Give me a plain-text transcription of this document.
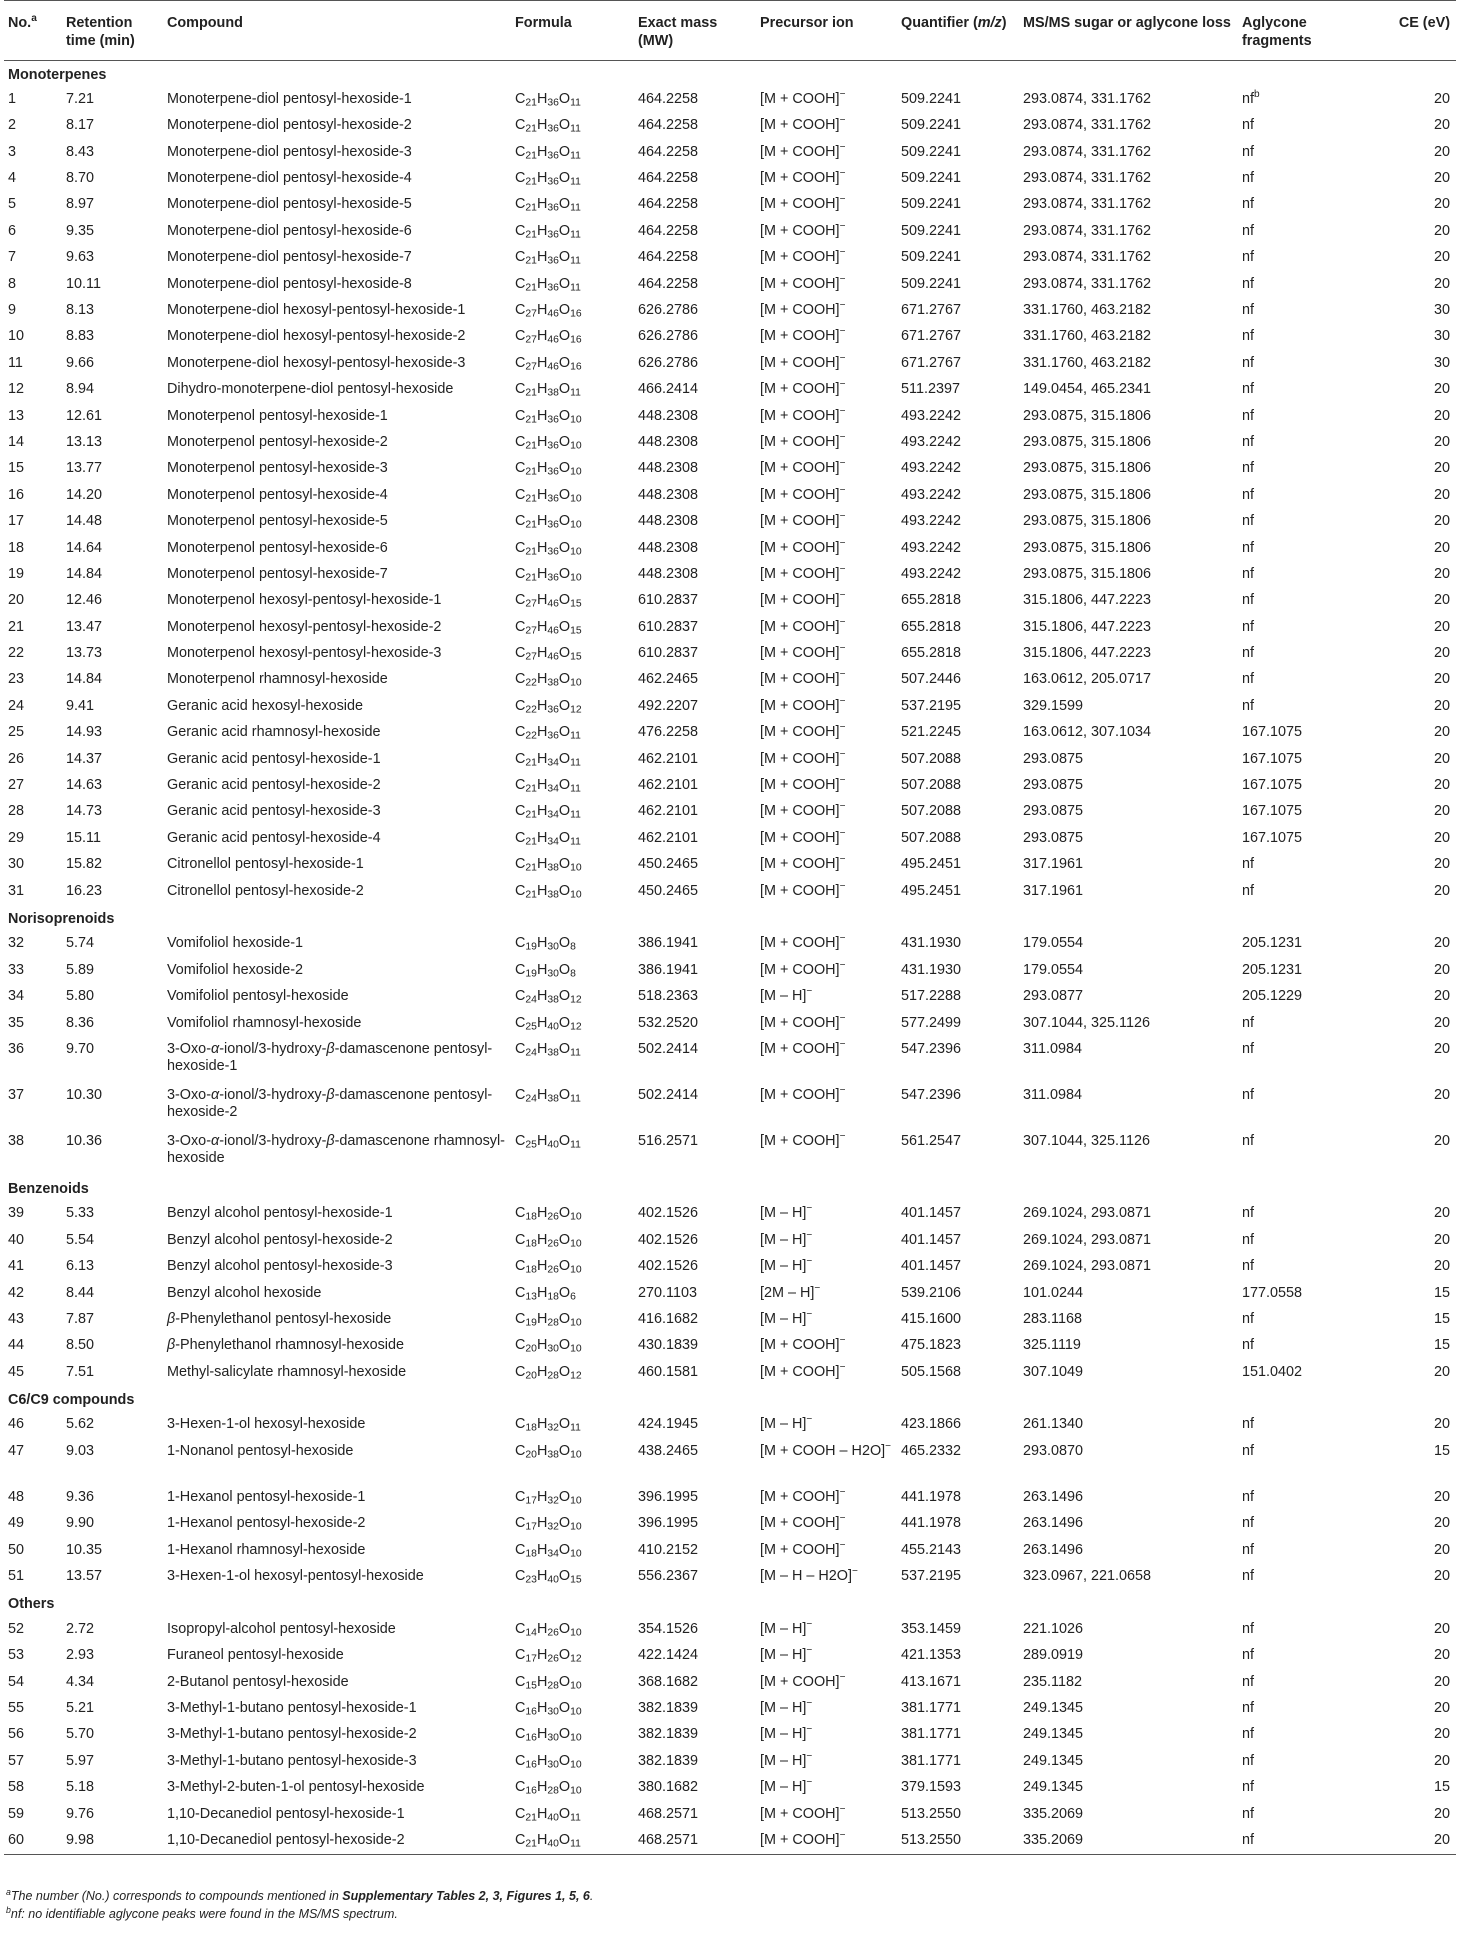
No.$^a$	Retention time (min)	Compound	Formula	Exact mass (MW)	Precursor ion	Quantifier (m/z)	MS/MS sugar or aglycone loss	Aglycone fragments	CE (eV)
Monoterpenes									
1	7.21	Monoterpene-diol pentosyl-hexoside-1	$C_{21}H_{36}O_{11}$	464.2258	[M + COOH]−	509.2241	293.0874, 331.1762	$nf^b$	20
2	8.17	Monoterpene-diol pentosyl-hexoside-2	$C_{21}H_{36}O_{11}$	464.2258	[M + COOH]−	509.2241	293.0874, 331.1762	nf	20
3	8.43	Monoterpene-diol pentosyl-hexoside-3	$C_{21}H_{36}O_{11}$	464.2258	[M + COOH]−	509.2241	293.0874, 331.1762	nf	20
4	8.70	Monoterpene-diol pentosyl-hexoside-4	$C_{21}H_{36}O_{11}$	464.2258	[M + COOH]−	509.2241	293.0874, 331.1762	nf	20
5	8.97	Monoterpene-diol pentosyl-hexoside-5	$C_{21}H_{36}O_{11}$	464.2258	[M + COOH]−	509.2241	293.0874, 331.1762	nf	20
6	9.35	Monoterpene-diol pentosyl-hexoside-6	$C_{21}H_{36}O_{11}$	464.2258	[M + COOH]−	509.2241	293.0874, 331.1762	nf	20
7	9.63	Monoterpene-diol pentosyl-hexoside-7	$C_{21}H_{36}O_{11}$	464.2258	[M + COOH]−	509.2241	293.0874, 331.1762	nf	20
8	10.11	Monoterpene-diol pentosyl-hexoside-8	$C_{21}H_{36}O_{11}$	464.2258	[M + COOH]−	509.2241	293.0874, 331.1762	nf	20
9	8.13	Monoterpene-diol hexosyl-pentosyl-hexoside-1	$C_{27}H_{46}O_{16}$	626.2786	[M + COOH]−	671.2767	331.1760, 463.2182	nf	30
10	8.83	Monoterpene-diol hexosyl-pentosyl-hexoside-2	$C_{27}H_{46}O_{16}$	626.2786	[M + COOH]−	671.2767	331.1760, 463.2182	nf	30
11	9.66	Monoterpene-diol hexosyl-pentosyl-hexoside-3	$C_{27}H_{46}O_{16}$	626.2786	[M + COOH]−	671.2767	331.1760, 463.2182	nf	30
12	8.94	Dihydro-monoterpene-diol pentosyl-hexoside	$C_{21}H_{38}O_{11}$	466.2414	[M + COOH]−	511.2397	149.0454, 465.2341	nf	20
13	12.61	Monoterpenol pentosyl-hexoside-1	$C_{21}H_{36}O_{10}$	448.2308	[M + COOH]−	493.2242	293.0875, 315.1806	nf	20
14	13.13	Monoterpenol pentosyl-hexoside-2	$C_{21}H_{36}O_{10}$	448.2308	[M + COOH]−	493.2242	293.0875, 315.1806	nf	20
15	13.77	Monoterpenol pentosyl-hexoside-3	$C_{21}H_{36}O_{10}$	448.2308	[M + COOH]−	493.2242	293.0875, 315.1806	nf	20
16	14.20	Monoterpenol pentosyl-hexoside-4	$C_{21}H_{36}O_{10}$	448.2308	[M + COOH]−	493.2242	293.0875, 315.1806	nf	20
17	14.48	Monoterpenol pentosyl-hexoside-5	$C_{21}H_{36}O_{10}$	448.2308	[M + COOH]−	493.2242	293.0875, 315.1806	nf	20
18	14.64	Monoterpenol pentosyl-hexoside-6	$C_{21}H_{36}O_{10}$	448.2308	[M + COOH]−	493.2242	293.0875, 315.1806	nf	20
19	14.84	Monoterpenol pentosyl-hexoside-7	$C_{21}H_{36}O_{10}$	448.2308	[M + COOH]−	493.2242	293.0875, 315.1806	nf	20
20	12.46	Monoterpenol hexosyl-pentosyl-hexoside-1	$C_{27}H_{46}O_{15}$	610.2837	[M + COOH]−	655.2818	315.1806, 447.2223	nf	20
21	13.47	Monoterpenol hexosyl-pentosyl-hexoside-2	$C_{27}H_{46}O_{15}$	610.2837	[M + COOH]−	655.2818	315.1806, 447.2223	nf	20
22	13.73	Monoterpenol hexosyl-pentosyl-hexoside-3	$C_{27}H_{46}O_{15}$	610.2837	[M + COOH]−	655.2818	315.1806, 447.2223	nf	20
23	14.84	Monoterpenol rhamnosyl-hexoside	$C_{22}H_{38}O_{10}$	462.2465	[M + COOH]−	507.2446	163.0612, 205.0717	nf	20
24	9.41	Geranic acid hexosyl-hexoside	$C_{22}H_{36}O_{12}$	492.2207	[M + COOH]−	537.2195	329.1599	nf	20
25	14.93	Geranic acid rhamnosyl-hexoside	$C_{22}H_{36}O_{11}$	476.2258	[M + COOH]−	521.2245	163.0612, 307.1034	167.1075	20
26	14.37	Geranic acid pentosyl-hexoside-1	$C_{21}H_{34}O_{11}$	462.2101	[M + COOH]−	507.2088	293.0875	167.1075	20
27	14.63	Geranic acid pentosyl-hexoside-2	$C_{21}H_{34}O_{11}$	462.2101	[M + COOH]−	507.2088	293.0875	167.1075	20
28	14.73	Geranic acid pentosyl-hexoside-3	$C_{21}H_{34}O_{11}$	462.2101	[M + COOH]−	507.2088	293.0875	167.1075	20
29	15.11	Geranic acid pentosyl-hexoside-4	$C_{21}H_{34}O_{11}$	462.2101	[M + COOH]−	507.2088	293.0875	167.1075	20
30	15.82	Citronellol pentosyl-hexoside-1	$C_{21}H_{38}O_{10}$	450.2465	[M + COOH]−	495.2451	317.1961	nf	20
31	16.23	Citronellol pentosyl-hexoside-2	$C_{21}H_{38}O_{10}$	450.2465	[M + COOH]−	495.2451	317.1961	nf	20
Norisoprenoids									
32	5.74	Vomifoliol hexoside-1	$C_{19}H_{30}O_8$	386.1941	[M + COOH]−	431.1930	179.0554	205.1231	20
33	5.89	Vomifoliol hexoside-2	$C_{19}H_{30}O_8$	386.1941	[M + COOH]−	431.1930	179.0554	205.1231	20
34	5.80	Vomifoliol pentosyl-hexoside	$C_{24}H_{38}O_{12}$	518.2363	[M – H]−	517.2288	293.0877	205.1229	20
35	8.36	Vomifoliol rhamnosyl-hexoside	$C_{25}H_{40}O_{12}$	532.2520	[M + COOH]−	577.2499	307.1044, 325.1126	nf	20
36	9.70	3-Oxo-α-ionol/3-hydroxy-β-damascenone pentosyl-hexoside-1	$C_{24}H_{38}O_{11}$	502.2414	[M + COOH]−	547.2396	311.0984	nf	20
37	10.30	3-Oxo-α-ionol/3-hydroxy-β-damascenone pentosyl-hexoside-2	$C_{24}H_{38}O_{11}$	502.2414	[M + COOH]−	547.2396	311.0984	nf	20
38	10.36	3-Oxo-α-ionol/3-hydroxy-β-damascenone rhamnosyl-hexoside	$C_{25}H_{40}O_{11}$	516.2571	[M + COOH]−	561.2547	307.1044, 325.1126	nf	20
Benzenoids									
39	5.33	Benzyl alcohol pentosyl-hexoside-1	$C_{18}H_{26}O_{10}$	402.1526	[M – H]−	401.1457	269.1024, 293.0871	nf	20
40	5.54	Benzyl alcohol pentosyl-hexoside-2	$C_{18}H_{26}O_{10}$	402.1526	[M – H]−	401.1457	269.1024, 293.0871	nf	20
41	6.13	Benzyl alcohol pentosyl-hexoside-3	$C_{18}H_{26}O_{10}$	402.1526	[M – H]−	401.1457	269.1024, 293.0871	nf	20
42	8.44	Benzyl alcohol hexoside	$C_{13}H_{18}O_6$	270.1103	[2M – H]−	539.2106	101.0244	177.0558	15
43	7.87	β-Phenylethanol pentosyl-hexoside	$C_{19}H_{28}O_{10}$	416.1682	[M – H]−	415.1600	283.1168	nf	15
44	8.50	β-Phenylethanol rhamnosyl-hexoside	$C_{20}H_{30}O_{10}$	430.1839	[M + COOH]−	475.1823	325.1119	nf	15
45	7.51	Methyl-salicylate rhamnosyl-hexoside	$C_{20}H_{28}O_{12}$	460.1581	[M + COOH]−	505.1568	307.1049	151.0402	20
C6/C9 compounds									
46	5.62	3-Hexen-1-ol hexosyl-hexoside	$C_{18}H_{32}O_{11}$	424.1945	[M – H]−	423.1866	261.1340	nf	20
47	9.03	1-Nonanol pentosyl-hexoside	$C_{20}H_{38}O_{10}$	438.2465	[M + COOH – H2O]−	465.2332	293.0870	nf	15
48	9.36	1-Hexanol pentosyl-hexoside-1	$C_{17}H_{32}O_{10}$	396.1995	[M + COOH]−	441.1978	263.1496	nf	20
49	9.90	1-Hexanol pentosyl-hexoside-2	$C_{17}H_{32}O_{10}$	396.1995	[M + COOH]−	441.1978	263.1496	nf	20
50	10.35	1-Hexanol rhamnosyl-hexoside	$C_{18}H_{34}O_{10}$	410.2152	[M + COOH]−	455.2143	263.1496	nf	20
51	13.57	3-Hexen-1-ol hexosyl-pentosyl-hexoside	$C_{23}H_{40}O_{15}$	556.2367	[M – H – H2O]−	537.2195	323.0967, 221.0658	nf	20
Others									
52	2.72	Isopropyl-alcohol pentosyl-hexoside	$C_{14}H_{26}O_{10}$	354.1526	[M – H]−	353.1459	221.1026	nf	20
53	2.93	Furaneol pentosyl-hexoside	$C_{17}H_{26}O_{12}$	422.1424	[M – H]−	421.1353	289.0919	nf	20
54	4.34	2-Butanol pentosyl-hexoside	$C_{15}H_{28}O_{10}$	368.1682	[M + COOH]−	413.1671	235.1182	nf	20
55	5.21	3-Methyl-1-butano pentosyl-hexoside-1	$C_{16}H_{30}O_{10}$	382.1839	[M – H]−	381.1771	249.1345	nf	20
56	5.70	3-Methyl-1-butano pentosyl-hexoside-2	$C_{16}H_{30}O_{10}$	382.1839	[M – H]−	381.1771	249.1345	nf	20
57	5.97	3-Methyl-1-butano pentosyl-hexoside-3	$C_{16}H_{30}O_{10}$	382.1839	[M – H]−	381.1771	249.1345	nf	20
58	5.18	3-Methyl-2-buten-1-ol pentosyl-hexoside	$C_{16}H_{28}O_{10}$	380.1682	[M – H]−	379.1593	249.1345	nf	15
59	9.76	1,10-Decanediol pentosyl-hexoside-1	$C_{21}H_{40}O_{11}$	468.2571	[M + COOH]−	513.2550	335.2069	nf	20
60	9.98	1,10-Decanediol pentosyl-hexoside-2	$C_{21}H_{40}O_{11}$	468.2571	[M + COOH]−	513.2550	335.2069	nf	20
$^a$The number (No.) corresponds to compounds mentioned in Supplementary Tables 2, 3, Figures 1, 5, 6.
$^b$nf: no identifiable aglycone peaks were found in the MS/MS spectrum.
